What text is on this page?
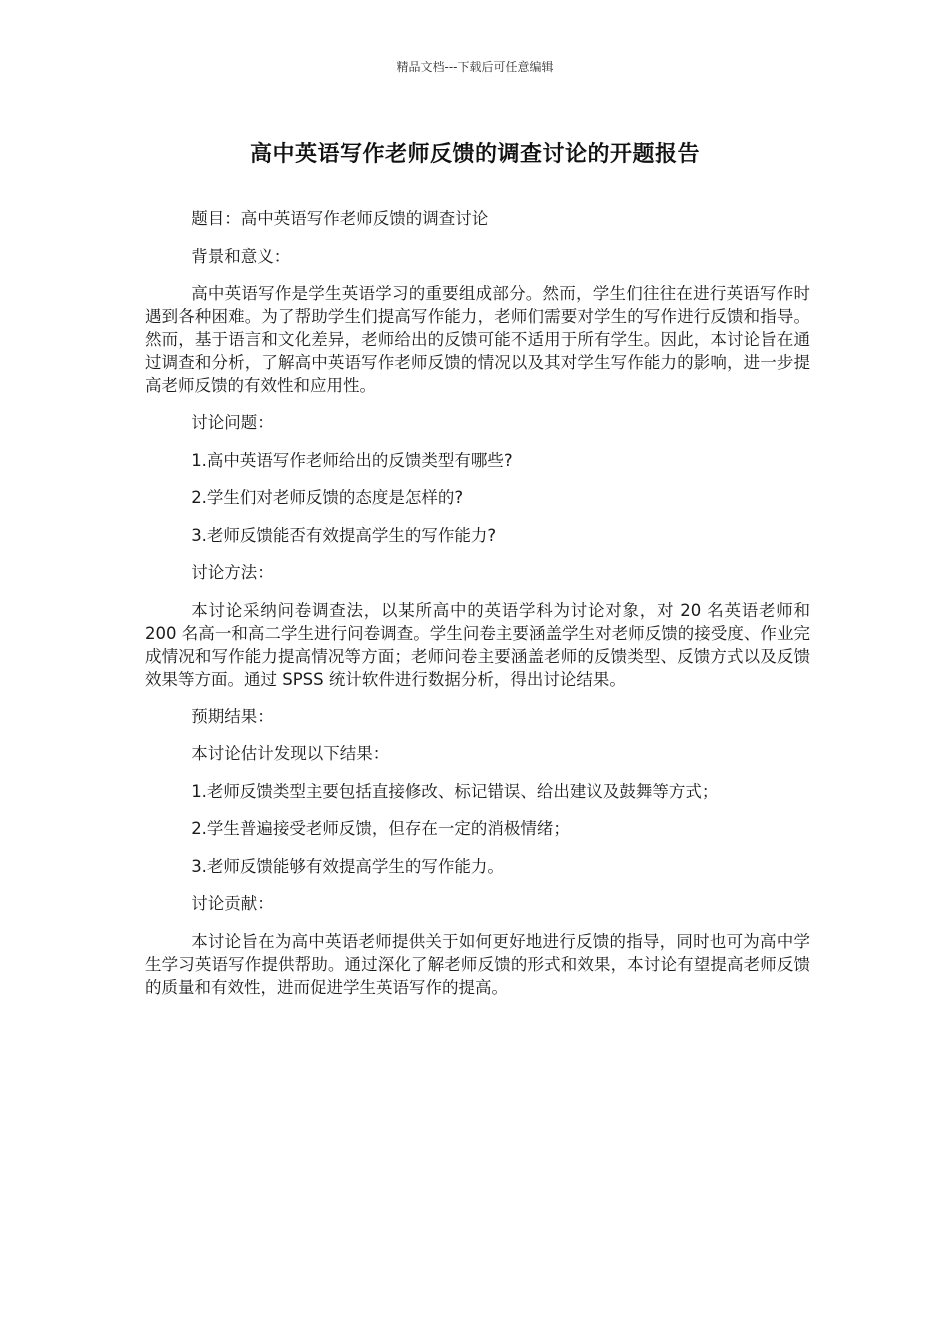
精品文档---下载后可任意编辑
高中英语写作老师反馈的调查讨论的开题报告

题目：高中英语写作老师反馈的调查讨论

背景和意义：

高中英语写作是学生英语学习的重要组成部分。然而，学生们往往在进行英语写作时遇到各种困难。为了帮助学生们提高写作能力，老师们需要对学生的写作进行反馈和指导。然而，基于语言和文化差异，老师给出的反馈可能不适用于所有学生。因此，本讨论旨在通过调查和分析，了解高中英语写作老师反馈的情况以及其对学生写作能力的影响，进一步提高老师反馈的有效性和应用性。

讨论问题：

1.高中英语写作老师给出的反馈类型有哪些?

2.学生们对老师反馈的态度是怎样的?

3.老师反馈能否有效提高学生的写作能力?

讨论方法：

本讨论采纳问卷调查法，以某所高中的英语学科为讨论对象，对 20 名英语老师和 200 名高一和高二学生进行问卷调查。学生问卷主要涵盖学生对老师反馈的接受度、作业完成情况和写作能力提高情况等方面；老师问卷主要涵盖老师的反馈类型、反馈方式以及反馈效果等方面。通过 SPSS 统计软件进行数据分析，得出讨论结果。

预期结果：

本讨论估计发现以下结果：

1.老师反馈类型主要包括直接修改、标记错误、给出建议及鼓舞等方式；

2.学生普遍接受老师反馈，但存在一定的消极情绪；

3.老师反馈能够有效提高学生的写作能力。

讨论贡献：

本讨论旨在为高中英语老师提供关于如何更好地进行反馈的指导，同时也可为高中学生学习英语写作提供帮助。通过深化了解老师反馈的形式和效果，本讨论有望提高老师反馈的质量和有效性，进而促进学生英语写作的提高。
